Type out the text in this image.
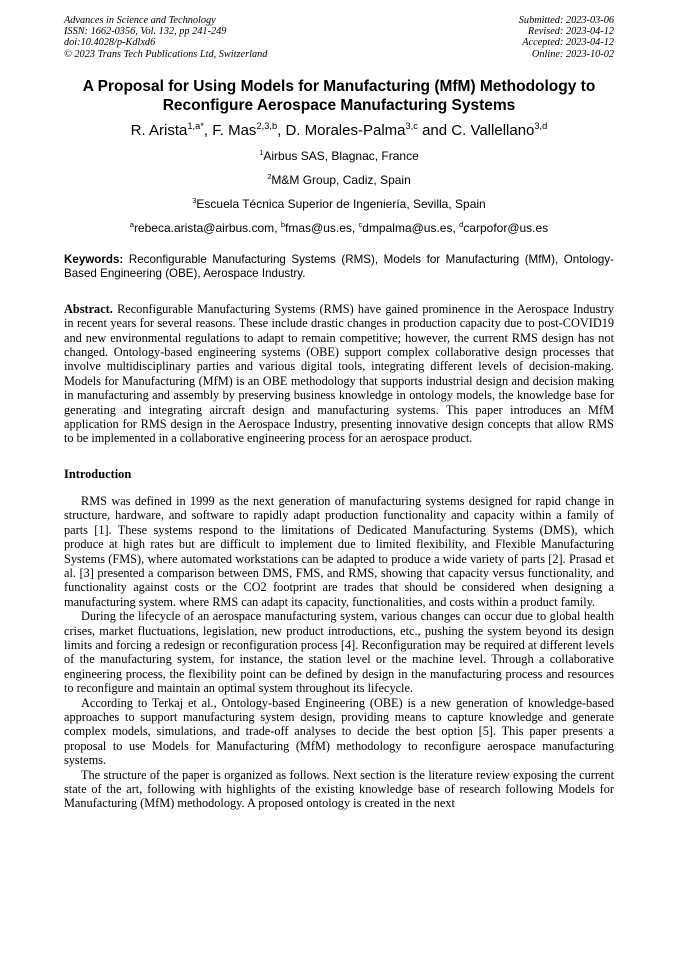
Advances in Science and Technology
ISSN: 1662-0356, Vol. 132, pp 241-249
doi:10.4028/p-Kdlxd6
© 2023 Trans Tech Publications Ltd, Switzerland
Submitted: 2023-03-06
Revised: 2023-04-12
Accepted: 2023-04-12
Online: 2023-10-02
A Proposal for Using Models for Manufacturing (MfM) Methodology to Reconfigure Aerospace Manufacturing Systems
R. Arista$^{1,a*}$, F. Mas$^{2,3,b}$, D. Morales-Palma$^{3,c}$ and C. Vallellano$^{3,d}$
$^1$Airbus SAS, Blagnac, France
$^2$M&M Group, Cadiz, Spain
$^3$Escuela Técnica Superior de Ingeniería, Sevilla, Spain
$^a$rebeca.arista@airbus.com, $^b$fmas@us.es, $^c$dmpalma@us.es, $^d$carpofor@us.es
Keywords: Reconfigurable Manufacturing Systems (RMS), Models for Manufacturing (MfM), Ontology-Based Engineering (OBE), Aerospace Industry.
Abstract. Reconfigurable Manufacturing Systems (RMS) have gained prominence in the Aerospace Industry in recent years for several reasons. These include drastic changes in production capacity due to post-COVID19 and new environmental regulations to adapt to remain competitive; however, the current RMS design has not changed. Ontology-based engineering systems (OBE) support complex collaborative design processes that involve multidisciplinary parties and various digital tools, integrating different levels of decision-making. Models for Manufacturing (MfM) is an OBE methodology that supports industrial design and decision making in manufacturing and assembly by preserving business knowledge in ontology models, the knowledge base for generating and integrating aircraft design and manufacturing systems. This paper introduces an MfM application for RMS design in the Aerospace Industry, presenting innovative design concepts that allow RMS to be implemented in a collaborative engineering process for an aerospace product.
Introduction

RMS was defined in 1999 as the next generation of manufacturing systems designed for rapid change in structure, hardware, and software to rapidly adapt production functionality and capacity within a family of parts [1]. These systems respond to the limitations of Dedicated Manufacturing Systems (DMS), which produce at high rates but are difficult to implement due to limited flexibility, and Flexible Manufacturing Systems (FMS), where automated workstations can be adapted to produce a wide variety of parts [2]. Prasad et al. [3] presented a comparison between DMS, FMS, and RMS, showing that capacity versus functionality, and functionality against costs or the CO2 footprint are trades that should be considered when designing a manufacturing system. where RMS can adapt its capacity, functionalities, and costs within a product family.

During the lifecycle of an aerospace manufacturing system, various changes can occur due to global health crises, market fluctuations, legislation, new product introductions, etc., pushing the system beyond its design limits and forcing a redesign or reconfiguration process [4]. Reconfiguration may be required at different levels of the manufacturing system, for instance, the station level or the machine level. Through a collaborative engineering process, the flexibility point can be defined by design in the manufacturing process and resources to reconfigure and maintain an optimal system throughout its lifecycle.

According to Terkaj et al., Ontology-based Engineering (OBE) is a new generation of knowledge-based approaches to support manufacturing system design, providing means to capture knowledge and generate complex models, simulations, and trade-off analyses to decide the best option [5]. This paper presents a proposal to use Models for Manufacturing (MfM) methodology to reconfigure aerospace manufacturing systems.

The structure of the paper is organized as follows. Next section is the literature review exposing the current state of the art, following with highlights of the existing knowledge base of research following Models for Manufacturing (MfM) methodology. A proposed ontology is created in the next
